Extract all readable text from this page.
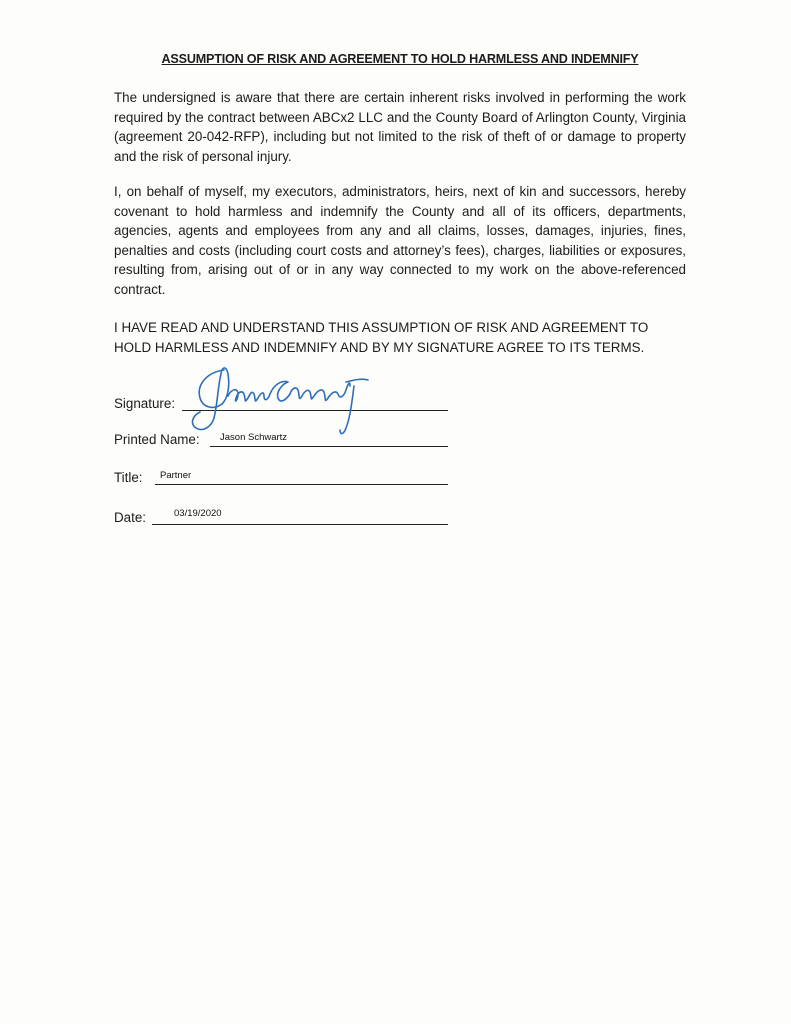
ASSUMPTION OF RISK AND AGREEMENT TO HOLD HARMLESS AND INDEMNIFY

The undersigned is aware that there are certain inherent risks involved in performing the work required by the contract between ABCx2 LLC and the County Board of Arlington County, Virginia (agreement 20-042-RFP), including but not limited to the risk of theft of or damage to property and the risk of personal injury.

I, on behalf of myself, my executors, administrators, heirs, next of kin and successors, hereby covenant to hold harmless and indemnify the County and all of its officers, departments, agencies, agents and employees from any and all claims, losses, damages, injuries, fines, penalties and costs (including court costs and attorney’s fees), charges, liabilities or exposures, resulting from, arising out of or in any way connected to my work on the above-referenced contract.

I HAVE READ AND UNDERSTAND THIS ASSUMPTION OF RISK AND AGREEMENT TO HOLD HARMLESS AND INDEMNIFY AND BY MY SIGNATURE AGREE TO ITS TERMS.

Signature:
Printed Name: Jason Schwartz
Title: Partner
Date:	03/19/2020
